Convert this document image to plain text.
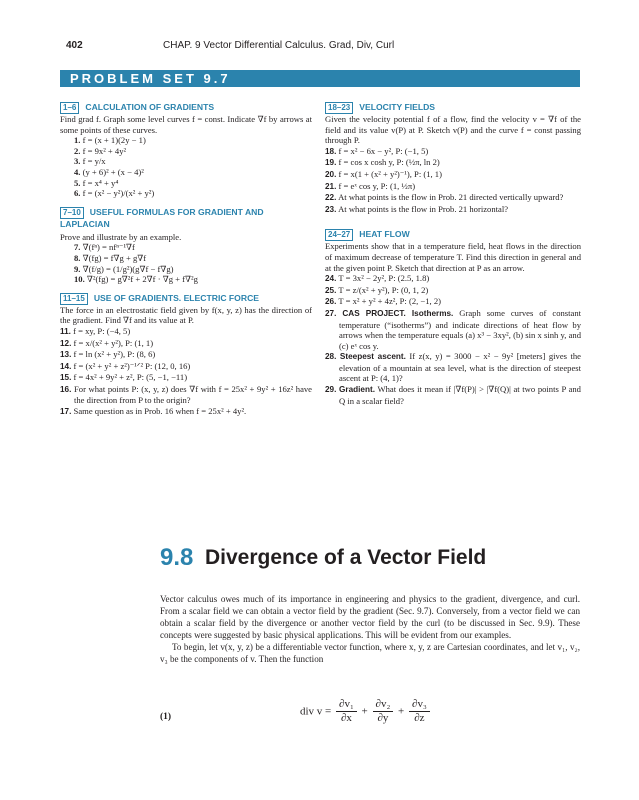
402	CHAP. 9 Vector Differential Calculus. Grad, Div, Curl
PROBLEM SET 9.7
1–6 CALCULATION OF GRADIENTS

Find grad f. Graph some level curves f = const. Indicate ∇f by arrows at some points of these curves.

1. f = (x + 1)(2y − 1)

2. f = 9x² + 4y²

3. f = y/x

4. (y + 6)² + (x − 4)²

5. f = x⁴ + y⁴

6. f = (x² − y²)/(x² + y²)

7–10 USEFUL FORMULAS FOR GRADIENT AND LAPLACIAN

Prove and illustrate by an example.

7. ∇(fⁿ) = nfⁿ⁻¹∇f

8. ∇(fg) = f∇g + g∇f

9. ∇(f/g) = (1/g²)(g∇f − f∇g)

10. ∇²(fg) = g∇²f + 2∇f · ∇g + f∇²g

11–15 USE OF GRADIENTS. ELECTRIC FORCE

The force in an electrostatic field given by f(x, y, z) has the direction of the gradient. Find ∇f and its value at P.

11. f = xy, P: (−4, 5)

12. f = x/(x² + y²), P: (1, 1)

13. f = ln (x² + y²), P: (8, 6)

14. f = (x² + y² + z²)⁻¹ᐟ² P: (12, 0, 16)

15. f = 4x² + 9y² + z², P: (5, −1, −11)

16. For what points P: (x, y, z) does ∇f with f = 25x² + 9y² + 16z² have the direction from P to the origin?

17. Same question as in Prob. 16 when f = 25x² + 4y².

18–23 VELOCITY FIELDS

Given the velocity potential f of a flow, find the velocity v = ∇f of the field and its value v(P) at P. Sketch v(P) and the curve f = const passing through P.

18. f = x² − 6x − y², P: (−1, 5)

19. f = cos x cosh y, P: (½π, ln 2)

20. f = x(1 + (x² + y²)⁻¹), P: (1, 1)

21. f = eˣ cos y, P: (1, ½π)

22. At what points is the flow in Prob. 21 directed vertically upward?

23. At what points is the flow in Prob. 21 horizontal?

24–27 HEAT FLOW

Experiments show that in a temperature field, heat flows in the direction of maximum decrease of temperature T. Find this direction in general and at the given point P. Sketch that direction at P as an arrow.

24. T = 3x² − 2y², P: (2.5, 1.8)

25. T = z/(x² + y²), P: (0, 1, 2)

26. T = x² + y² + 4z², P: (2, −1, 2)

27. CAS PROJECT. Isotherms. Graph some curves of constant temperature (“isotherms”) and indicate directions of heat flow by arrows when the temperature equals (a) x³ − 3xy², (b) sin x sinh y, and (c) eˣ cos y.

28. Steepest ascent. If z(x, y) = 3000 − x² − 9y² [meters] gives the elevation of a mountain at sea level, what is the direction of steepest ascent at P: (4, 1)?

29. Gradient. What does it mean if |∇f(P)| > |∇f(Q)| at two points P and Q in a scalar field?

9.8 Divergence of a Vector Field

Vector calculus owes much of its importance in engineering and physics to the gradient, divergence, and curl. From a scalar field we can obtain a vector field by the gradient (Sec. 9.7). Conversely, from a vector field we can obtain a scalar field by the divergence or another vector field by the curl (to be discussed in Sec. 9.9). These concepts were suggested by basic physical applications. This will be evident from our examples.

To begin, let v(x, y, z) be a differentiable vector function, where x, y, z are Cartesian coordinates, and let v₁, v₂, v₃ be the components of v. Then the function

(1)	div $v = \frac{\text{∂v₁}}{\partial x} + \frac{\text{∂v₂}}{\partial y} + \frac{\text{∂v₃}}{\partial z}$
